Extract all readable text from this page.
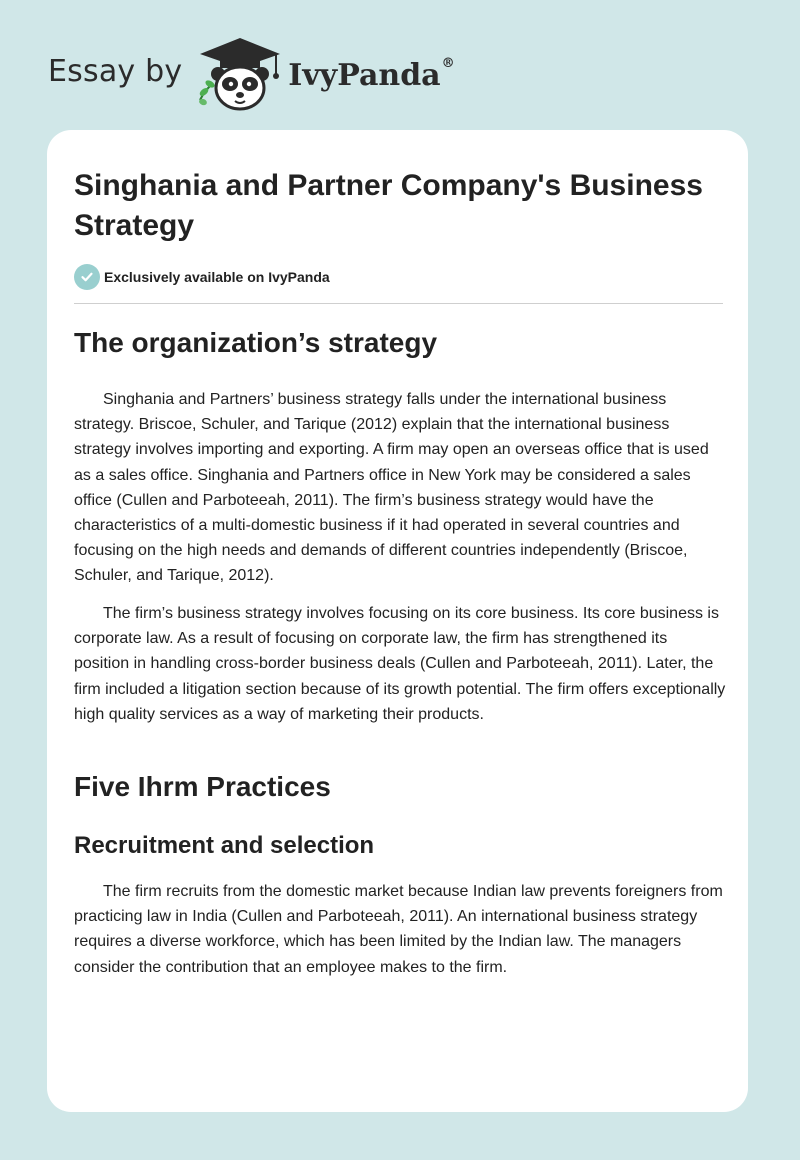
Essay by	IvyPanda®
Singhania and Partner Company's Business Strategy
Exclusively available on IvyPanda
The organization’s strategy

Singhania and Partners’ business strategy falls under the international business strategy. Briscoe, Schuler, and Tarique (2012) explain that the international business strategy involves importing and exporting. A firm may open an overseas office that is used as a sales office. Singhania and Partners office in New York may be considered a sales office (Cullen and Parboteeah, 2011). The firm’s business strategy would have the characteristics of a multi-domestic business if it had operated in several countries and focusing on the high needs and demands of different countries independently (Briscoe, Schuler, and Tarique, 2012).

The firm’s business strategy involves focusing on its core business. Its core business is corporate law. As a result of focusing on corporate law, the firm has strengthened its position in handling cross-border business deals (Cullen and Parboteeah, 2011). Later, the firm included a litigation section because of its growth potential. The firm offers exceptionally high quality services as a way of marketing their products.

Five Ihrm Practices
Recruitment and selection

The firm recruits from the domestic market because Indian law prevents foreigners from practicing law in India (Cullen and Parboteeah, 2011). An international business strategy requires a diverse workforce, which has been limited by the Indian law. The managers consider the contribution that an employee makes to the firm.
